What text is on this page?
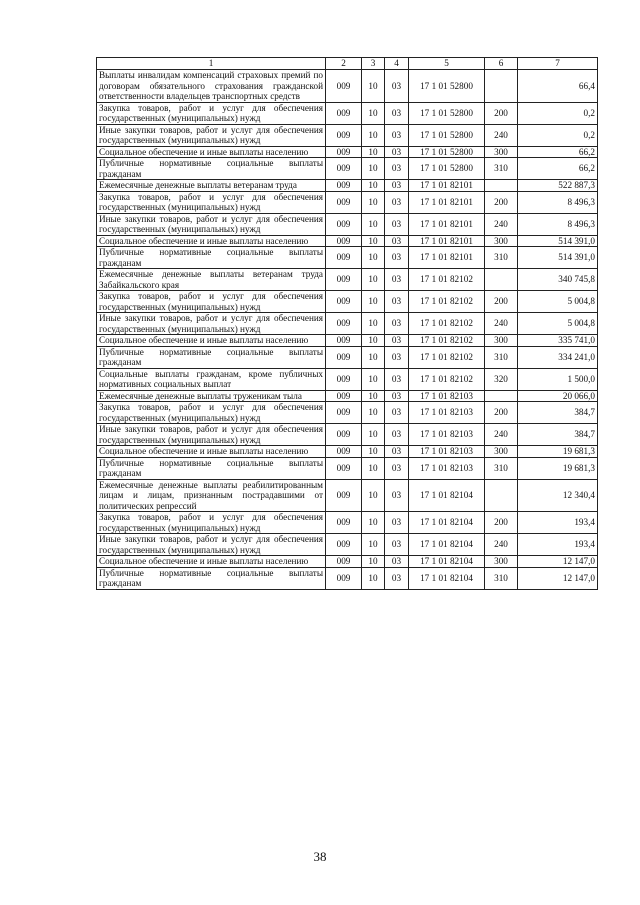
1	2	3	4	5	6	7
Выплаты инвалидам компенсаций страховых премий по договорам обязательного страхования гражданской ответственности владельцев транспортных средств	009	10	03	17 1 01 52800		66,4
Закупка товаров, работ и услуг для обеспечения государственных (муниципальных) нужд	009	10	03	17 1 01 52800	200	0,2
Иные закупки товаров, работ и услуг для обеспечения государственных (муниципальных) нужд	009	10	03	17 1 01 52800	240	0,2
Социальное обеспечение и иные выплаты населению	009	10	03	17 1 01 52800	300	66,2
Публичные нормативные социальные выплаты гражданам	009	10	03	17 1 01 52800	310	66,2
Ежемесячные денежные выплаты ветеранам труда	009	10	03	17 1 01 82101		522 887,3
Закупка товаров, работ и услуг для обеспечения государственных (муниципальных) нужд	009	10	03	17 1 01 82101	200	8 496,3
Иные закупки товаров, работ и услуг для обеспечения государственных (муниципальных) нужд	009	10	03	17 1 01 82101	240	8 496,3
Социальное обеспечение и иные выплаты населению	009	10	03	17 1 01 82101	300	514 391,0
Публичные нормативные социальные выплаты гражданам	009	10	03	17 1 01 82101	310	514 391,0
Ежемесячные денежные выплаты ветеранам труда Забайкальского края	009	10	03	17 1 01 82102		340 745,8
Закупка товаров, работ и услуг для обеспечения государственных (муниципальных) нужд	009	10	03	17 1 01 82102	200	5 004,8
Иные закупки товаров, работ и услуг для обеспечения государственных (муниципальных) нужд	009	10	03	17 1 01 82102	240	5 004,8
Социальное обеспечение и иные выплаты населению	009	10	03	17 1 01 82102	300	335 741,0
Публичные нормативные социальные выплаты гражданам	009	10	03	17 1 01 82102	310	334 241,0
Социальные выплаты гражданам, кроме публичных нормативных социальных выплат	009	10	03	17 1 01 82102	320	1 500,0
Ежемесячные денежные выплаты труженикам тыла	009	10	03	17 1 01 82103		20 066,0
Закупка товаров, работ и услуг для обеспечения государственных (муниципальных) нужд	009	10	03	17 1 01 82103	200	384,7
Иные закупки товаров, работ и услуг для обеспечения государственных (муниципальных) нужд	009	10	03	17 1 01 82103	240	384,7
Социальное обеспечение и иные выплаты населению	009	10	03	17 1 01 82103	300	19 681,3
Публичные нормативные социальные выплаты гражданам	009	10	03	17 1 01 82103	310	19 681,3
Ежемесячные денежные выплаты реабилитированным лицам и лицам, признанным пострадавшими от политических репрессий	009	10	03	17 1 01 82104		12 340,4
Закупка товаров, работ и услуг для обеспечения государственных (муниципальных) нужд	009	10	03	17 1 01 82104	200	193,4
Иные закупки товаров, работ и услуг для обеспечения государственных (муниципальных) нужд	009	10	03	17 1 01 82104	240	193,4
Социальное обеспечение и иные выплаты населению	009	10	03	17 1 01 82104	300	12 147,0
Публичные нормативные социальные выплаты гражданам	009	10	03	17 1 01 82104	310	12 147,0
38
